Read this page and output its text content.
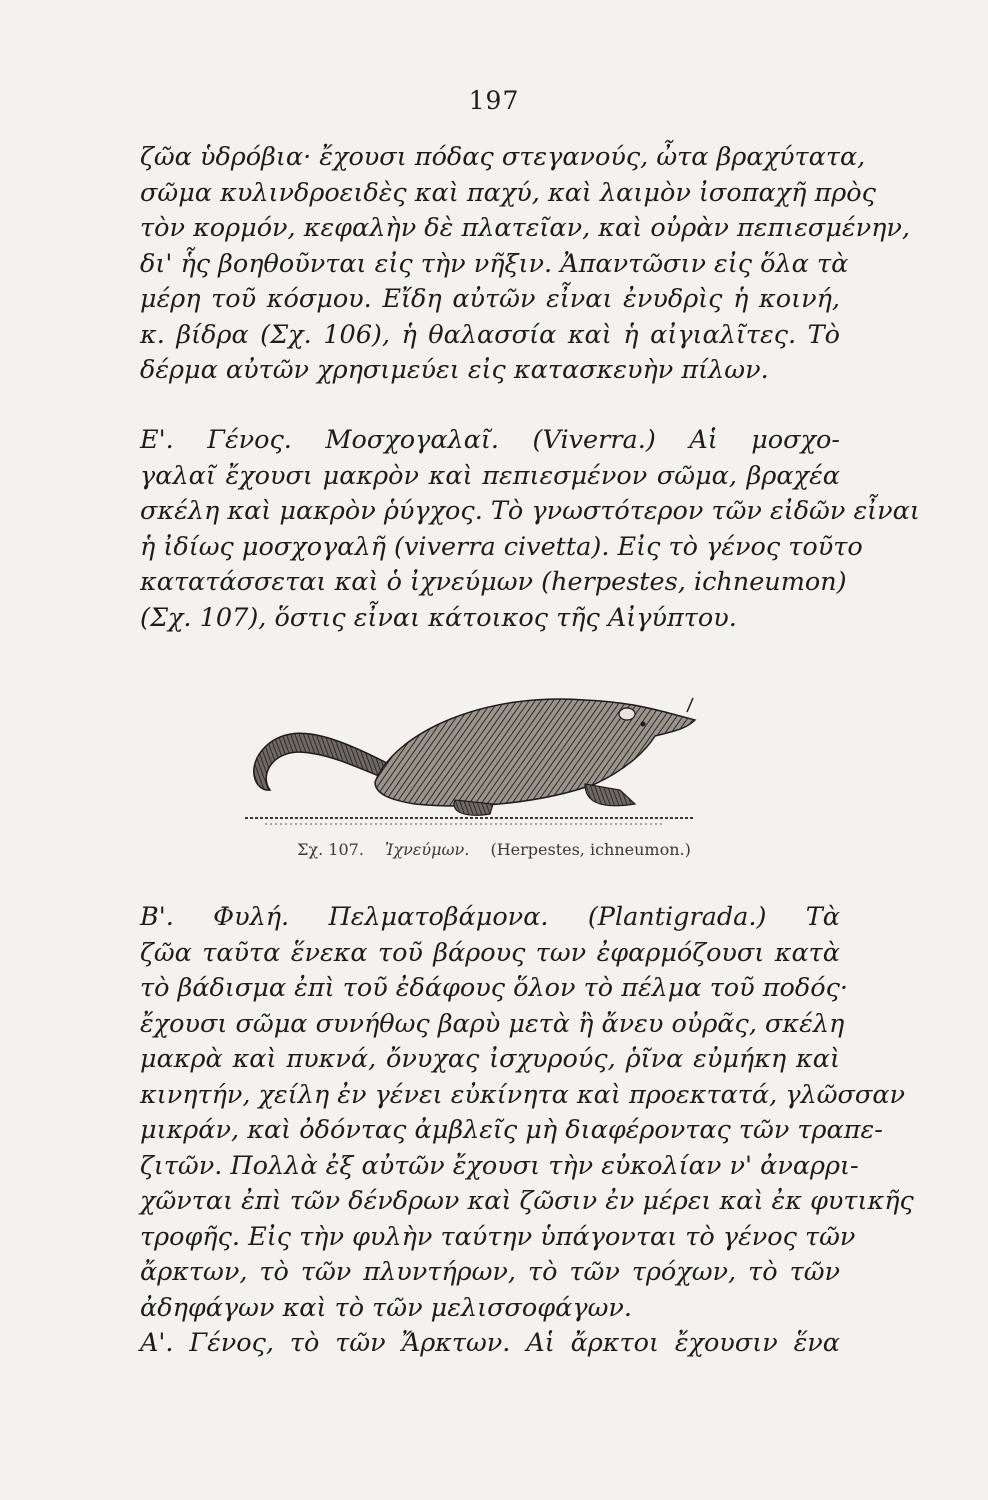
197
ζῶα ὑδρόβια· ἔχουσι πόδας στεγανούς, ὦτα βραχύτατα,
σῶμα κυλινδροειδὲς καὶ παχύ, καὶ λαιμὸν ἰσοπαχῆ πρὸς
τὸν κορμόν, κεφαλὴν δὲ πλατεῖαν, καὶ οὐρὰν πεπιεσμένην,
δι' ἧς βοηθοῦνται εἰς τὴν νῆξιν. Ἀπαντῶσιν εἰς ὅλα τὰ
μέρη τοῦ κόσμου. Εἴδη αὐτῶν εἶναι ἐνυδρὶς ἡ κοινή,
κ. βίδρα (Σχ. 106), ἡ θαλασσία καὶ ἡ αἰγιαλῖτες. Τὸ
δέρμα αὐτῶν χρησιμεύει εἰς κατασκευὴν πίλων.
Ε'. Γένος. Μοσχογαλαῖ. (Viverra.) Αἱ μοσχο-
γαλαῖ ἔχουσι μακρὸν καὶ πεπιεσμένον σῶμα, βραχέα
σκέλη καὶ μακρὸν ῥύγχος. Τὸ γνωστότερον τῶν εἰδῶν εἶναι
ἡ ἰδίως μοσχογαλῆ (viverra civetta). Εἰς τὸ γένος τοῦτο
κατατάσσεται καὶ ὁ ἰχνεύμων (herpestes, ichneumon)
(Σχ. 107), ὅστις εἶναι κάτοικος τῆς Αἰγύπτου.
Σχ. 107. Ἰχνεύμων. (Herpestes, ichneumon.)
Β'. Φυλή. Πελματοβάμονα. (Plantigrada.) Τὰ
ζῶα ταῦτα ἕνεκα τοῦ βάρους των ἐφαρμόζουσι κατὰ
τὸ βάδισμα ἐπὶ τοῦ ἐδάφους ὅλον τὸ πέλμα τοῦ ποδός·
ἔχουσι σῶμα συνήθως βαρὺ μετὰ ἢ ἄνευ οὐρᾶς, σκέλη
μακρὰ καὶ πυκνά, ὄνυχας ἰσχυρούς, ῥῖνα εὐμήκη καὶ
κινητήν, χείλη ἐν γένει εὐκίνητα καὶ προεκτατά, γλῶσσαν
μικράν, καὶ ὀδόντας ἀμβλεῖς μὴ διαφέροντας τῶν τραπε-
ζιτῶν. Πολλὰ ἐξ αὐτῶν ἔχουσι τὴν εὐκολίαν ν' ἀναρρι-
χῶνται ἐπὶ τῶν δένδρων καὶ ζῶσιν ἐν μέρει καὶ ἐκ φυτικῆς
τροφῆς. Εἰς τὴν φυλὴν ταύτην ὑπάγονται τὸ γένος τῶν
ἄρκτων, τὸ τῶν πλυντήρων, τὸ τῶν τρόχων, τὸ τῶν
ἀδηφάγων καὶ τὸ τῶν μελισσοφάγων.
Α'. Γένος, τὸ τῶν Ἄρκτων. Αἱ ἄρκτοι ἔχουσιν ἕνα
